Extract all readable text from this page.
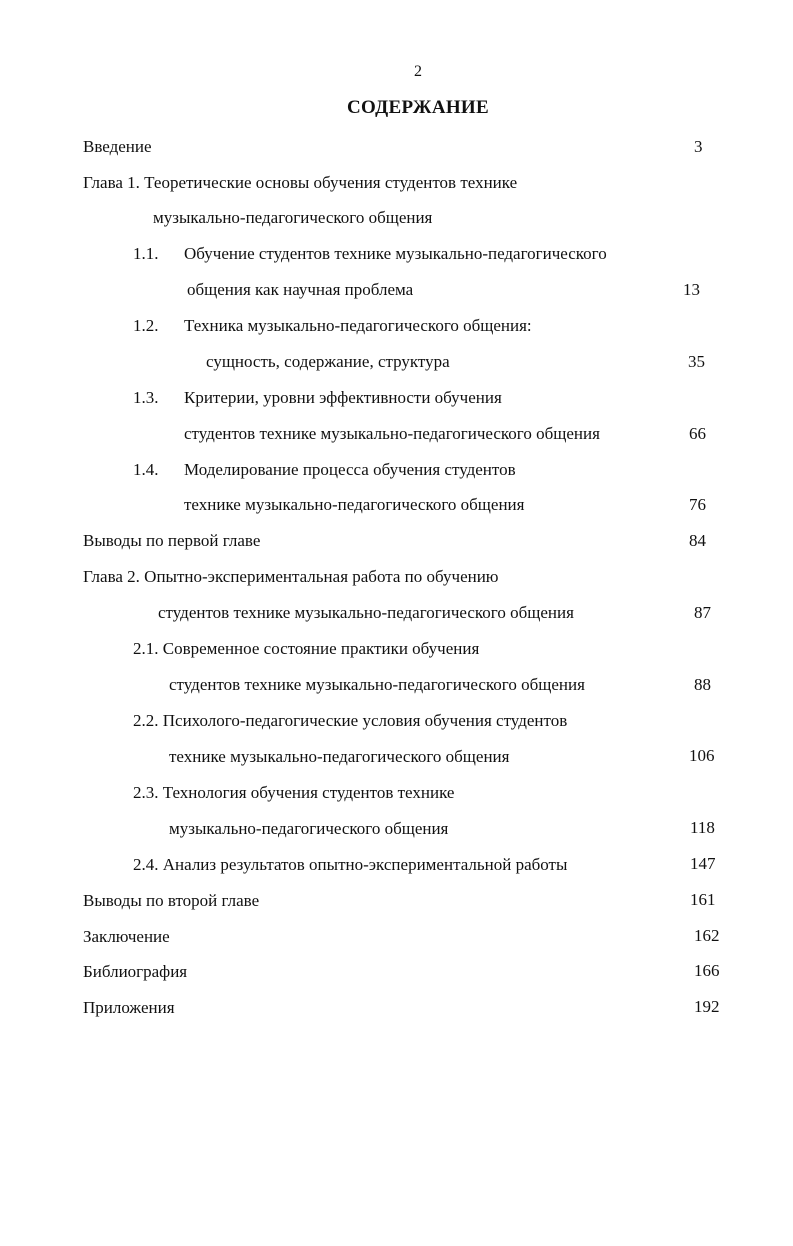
2
СОДЕРЖАНИЕ
Введение	3
Глава 1. Теоретические основы обучения студентов технике
музыкально-педагогического общения
1.1. Обучение студентов технике музыкально-педагогического
общения как научная проблема	13
1.2. Техника музыкально-педагогического общения:
сущность, содержание, структура	35
1.3. Критерии, уровни эффективности обучения
студентов технике музыкально-педагогического общения	66
1.4. Моделирование процесса обучения студентов
технике музыкально-педагогического общения	76
Выводы по первой главе	84
Глава 2. Опытно-экспериментальная работа по обучению
студентов технике музыкально-педагогического общения	87
2.1. Современное состояние практики обучения
студентов технике музыкально-педагогического общения	88
2.2. Психолого-педагогические условия обучения студентов
технике музыкально-педагогического общения	106
2.3. Технология обучения студентов технике
музыкально-педагогического общения	118
2.4. Анализ результатов опытно-экспериментальной работы	147
Выводы по второй главе	161
Заключение	162
Библиография	166
Приложения	192
